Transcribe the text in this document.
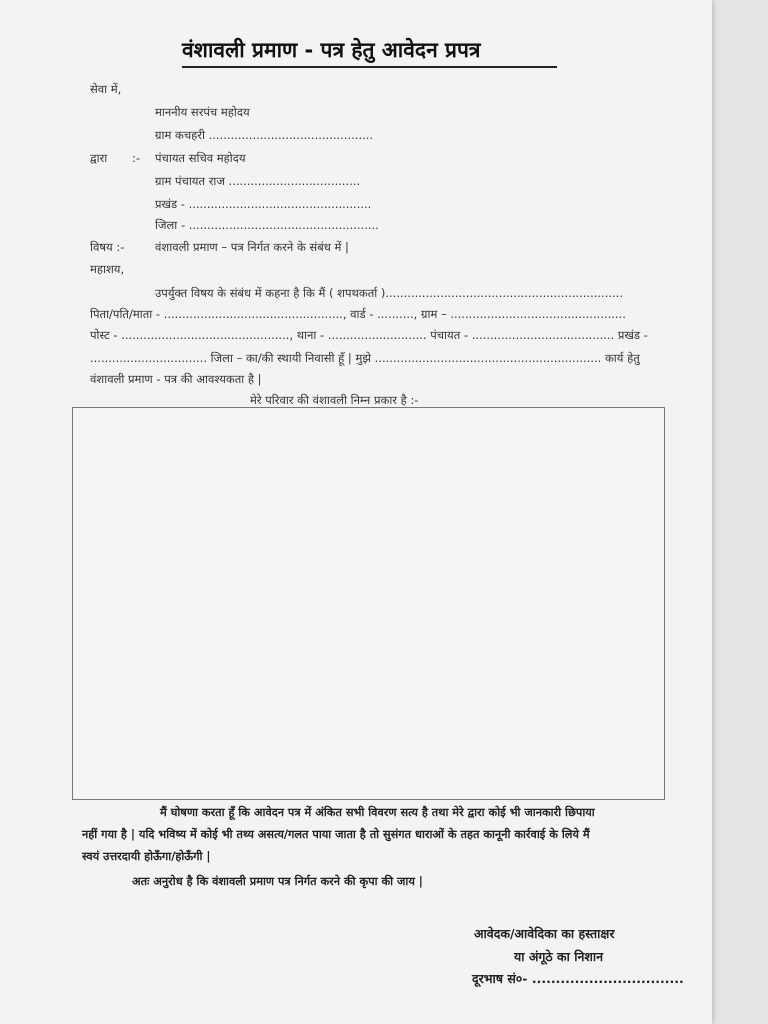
वंशावली प्रमाण - पत्र हेतु आवेदन प्रपत्र
सेवा में,
माननीय सरपंच महोदय
ग्राम कचहरी .............................................
द्वारा :- पंचायत सचिव महोदय
ग्राम पंचायत राज ....................................
प्रखंड - ..................................................
जिला - ....................................................
विषय :-	वंशावली प्रमाण – पत्र निर्गत करने के संबंध में |
महाशय,
उपर्युक्त विषय के संबंध में कहना है कि मैं ( शपथकर्ता ).................................................................
पिता/पति/माता - ................................................., वार्ड - .........., ग्राम – ................................................
पोस्ट - .............................................., थाना - ........................... पंचायत - ....................................... प्रखंड -
................................ जिला – का/की स्थायी निवासी हूँ | मुझे .............................................................. कार्य हेतु
वंशावली प्रमाण - पत्र की आवश्यकता है |
मेरे परिवार की वंशावली निम्न प्रकार है :-
मैं घोषणा करता हूँ कि आवेदन पत्र में अंकित सभी विवरण सत्य है तथा मेरे द्वारा कोई भी जानकारी छिपाया
नहीं गया है | यदि भविष्य में कोई भी तथ्य असत्य/गलत पाया जाता है तो सुसंगत धाराओं के तहत कानूनी कार्रवाई के लिये मैं
स्वयं उत्तरदायी होऊँगा/होऊँगी |
अतः अनुरोध है कि वंशावली प्रमाण पत्र निर्गत करने की कृपा की जाय |
आवेदक/आवेदिका का हस्ताक्षर
या अंगूठे का निशान
दूरभाष सं०- ................................
